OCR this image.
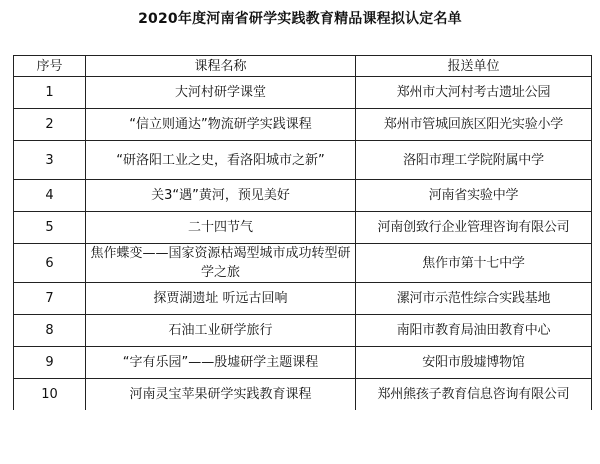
2020年度河南省研学实践教育精品课程拟认定名单
序号	课程名称	报送单位
1	大河村研学课堂	郑州市大河村考古遗址公园
2	“信立则通达”物流研学实践课程	郑州市管城回族区阳光实验小学
3	“研洛阳工业之史，看洛阳城市之新”	洛阳市理工学院附属中学
4	关3“遇”黄河，预见美好	河南省实验中学
5	二十四节气	河南创致行企业管理咨询有限公司
6	焦作蝶变——国家资源枯竭型城市成功转型研学之旅	焦作市第十七中学
7	探贾湖遗址 听远古回响	漯河市示范性综合实践基地
8	石油工业研学旅行	南阳市教育局油田教育中心
9	“字有乐园”——殷墟研学主题课程	安阳市殷墟博物馆
10	河南灵宝苹果研学实践教育课程	郑州熊孩子教育信息咨询有限公司
